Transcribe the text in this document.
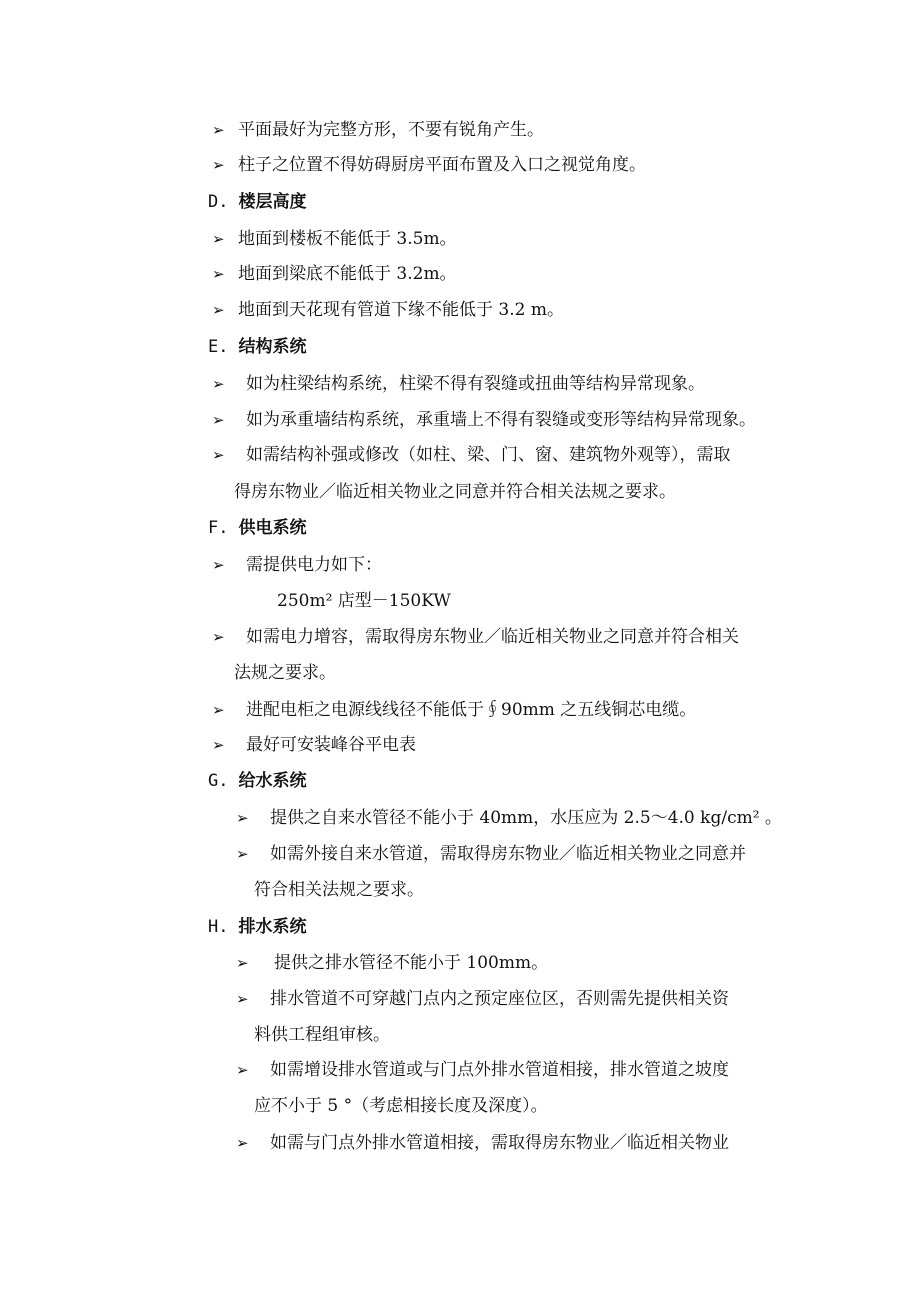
➢ 平面最好为完整方形，不要有锐角产生。
➢ 柱子之位置不得妨碍厨房平面布置及入口之视觉角度。
D. 楼层高度
➢ 地面到楼板不能低于 3.5m。
➢ 地面到梁底不能低于 3.2m。
➢ 地面到天花现有管道下缘不能低于 3.2 m。
E. 结构系统
➢ 如为柱梁结构系统，柱梁不得有裂缝或扭曲等结构异常现象。
➢ 如为承重墙结构系统，承重墙上不得有裂缝或变形等结构异常现象。
➢ 如需结构补强或修改（如柱、梁、门、窗、建筑物外观等），需取
得房东物业／临近相关物业之同意并符合相关法规之要求。
F. 供电系统
➢ 需提供电力如下：
250m² 店型－150KW
➢ 如需电力增容，需取得房东物业／临近相关物业之同意并符合相关
法规之要求。
➢ 进配电柜之电源线线径不能低于∮90mm 之五线铜芯电缆。
➢ 最好可安装峰谷平电表
G. 给水系统
➢ 提供之自来水管径不能小于 40mm，水压应为 2.5～4.0 kg/cm² 。
➢ 如需外接自来水管道，需取得房东物业／临近相关物业之同意并
符合相关法规之要求。
H. 排水系统
➢ 提供之排水管径不能小于 100mm。
➢ 排水管道不可穿越门点内之预定座位区，否则需先提供相关资
料供工程组审核。
➢ 如需增设排水管道或与门点外排水管道相接，排水管道之坡度
应不小于 5 °（考虑相接长度及深度）。
➢ 如需与门点外排水管道相接，需取得房东物业／临近相关物业
